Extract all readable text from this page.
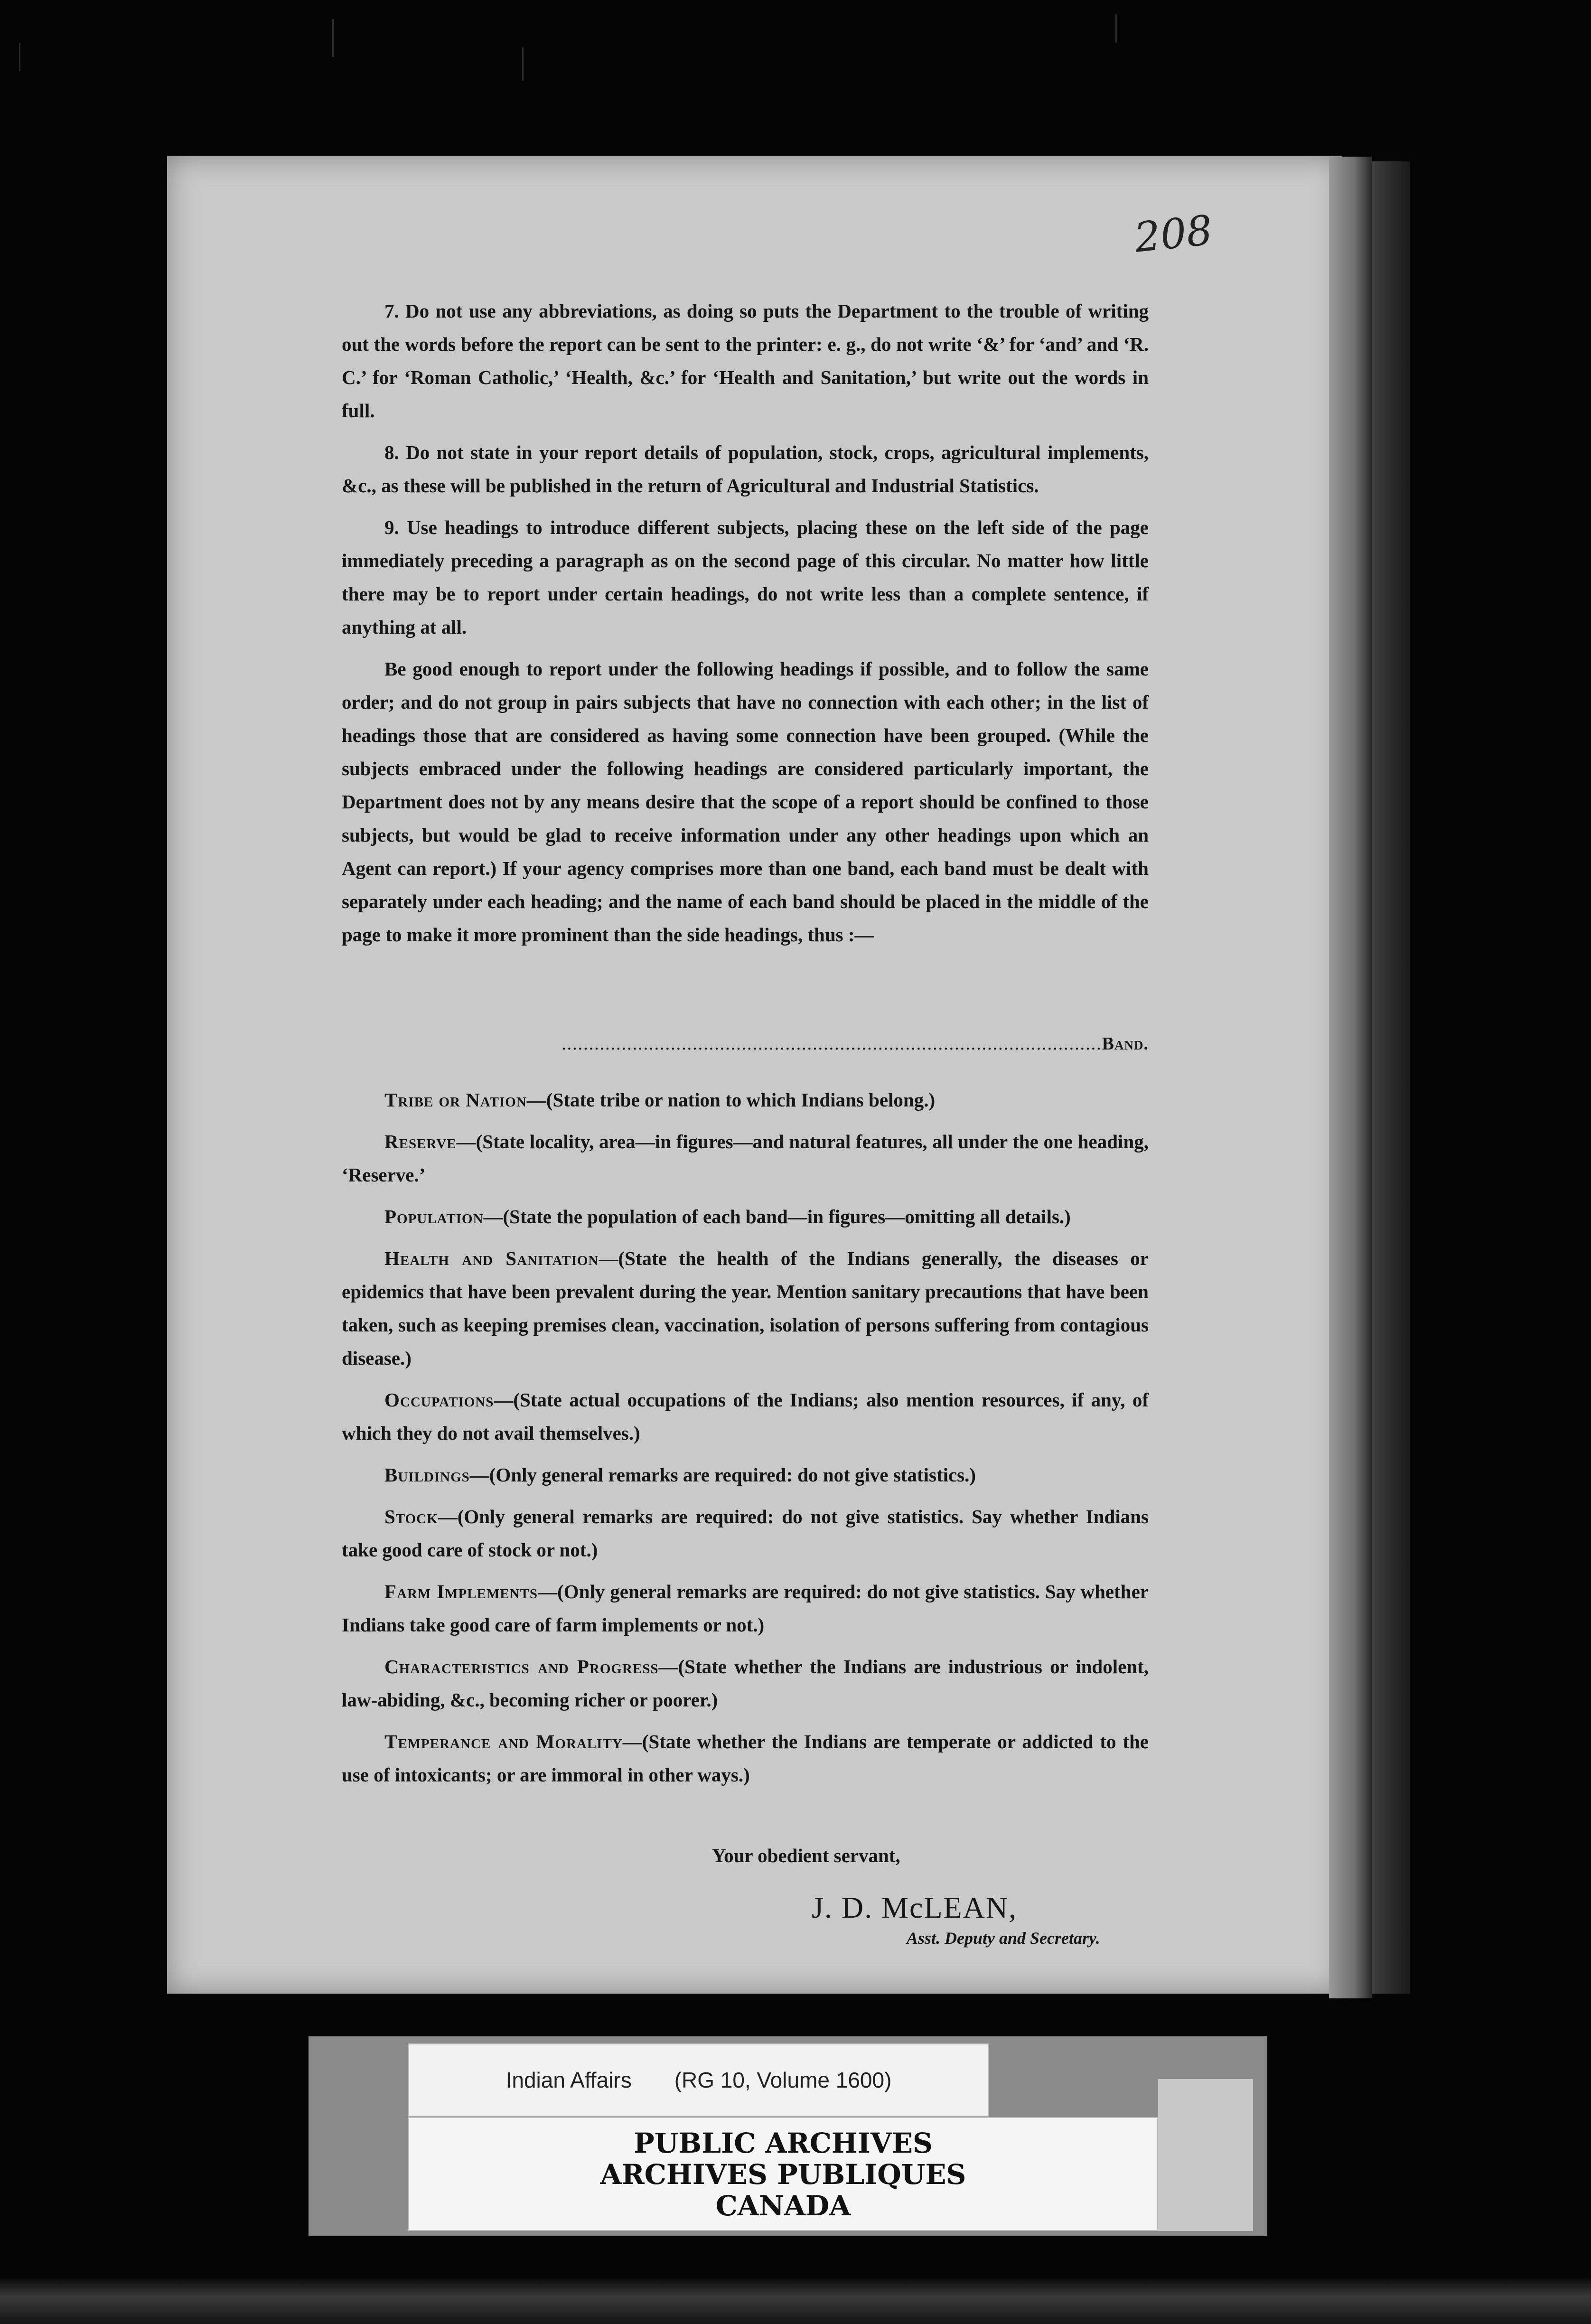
208

7. Do not use any abbreviations, as doing so puts the Department to the trouble of writing out the words before the report can be sent to the printer: e. g., do not write ‘&’ for ‘and’ and ‘R. C.’ for ‘Roman Catholic,’ ‘Health, &c.’ for ‘Health and Sanitation,’ but write out the words in full.

8. Do not state in your report details of population, stock, crops, agricultural implements, &c., as these will be published in the return of Agricultural and Industrial Statistics.

9. Use headings to introduce different subjects, placing these on the left side of the page immediately preceding a paragraph as on the second page of this circular. No matter how little there may be to report under certain headings, do not write less than a complete sentence, if anything at all.

Be good enough to report under the following headings if possible, and to follow the same order; and do not group in pairs subjects that have no connection with each other; in the list of headings those that are considered as having some connection have been grouped. (While the subjects embraced under the following headings are considered particularly important, the Department does not by any means desire that the scope of a report should be confined to those subjects, but would be glad to receive information under any other headings upon which an Agent can report.) If your agency comprises more than one band, each band must be dealt with separately under each heading; and the name of each band should be placed in the middle of the page to make it more prominent than the side headings, thus :—

...................................................................................................Band.

Tribe or Nation—(State tribe or nation to which Indians belong.)

Reserve—(State locality, area—in figures—and natural features, all under the one heading, ‘Reserve.’

Population—(State the population of each band—in figures—omitting all details.)

Health and Sanitation—(State the health of the Indians generally, the diseases or epidemics that have been prevalent during the year. Mention sanitary precautions that have been taken, such as keeping premises clean, vaccination, isolation of persons suffering from contagious disease.)

Occupations—(State actual occupations of the Indians; also mention resources, if any, of which they do not avail themselves.)

Buildings—(Only general remarks are required: do not give statistics.)

Stock—(Only general remarks are required: do not give statistics. Say whether Indians take good care of stock or not.)

Farm Implements—(Only general remarks are required: do not give statistics. Say whether Indians take good care of farm implements or not.)

Characteristics and Progress—(State whether the Indians are industrious or indolent, law-abiding, &c., becoming richer or poorer.)

Temperance and Morality—(State whether the Indians are temperate or addicted to the use of intoxicants; or are immoral in other ways.)

Your obedient servant,
J. D. McLEAN,
Asst. Deputy and Secretary.
Indian Affairs (RG 10, Volume 1600)
PUBLIC ARCHIVES
ARCHIVES PUBLIQUES
CANADA
